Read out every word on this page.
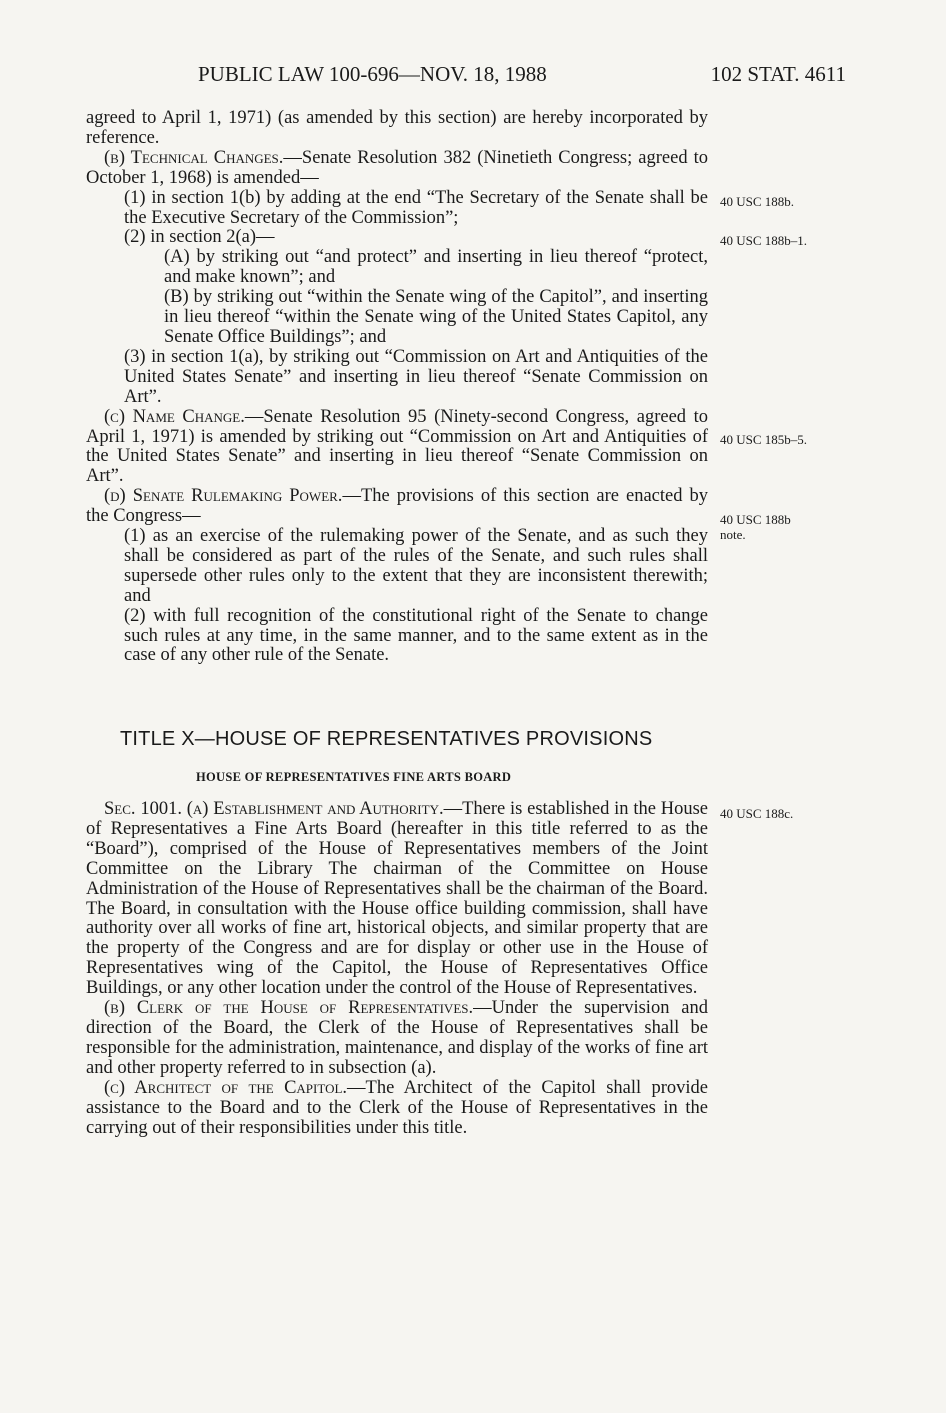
PUBLIC LAW 100-696—NOV. 18, 1988	102 STAT. 4611

agreed to April 1, 1971) (as amended by this section) are hereby incorporated by reference.

(b) Technical Changes.—Senate Resolution 382 (Ninetieth Congress; agreed to October 1, 1968) is amended—

(1) in section 1(b) by adding at the end “The Secretary of the Senate shall be the Executive Secretary of the Commission”;

(2) in section 2(a)—

(A) by striking out “and protect” and inserting in lieu thereof “protect, and make known”; and

(B) by striking out “within the Senate wing of the Capitol”, and inserting in lieu thereof “within the Senate wing of the United States Capitol, any Senate Office Buildings”; and

(3) in section 1(a), by striking out “Commission on Art and Antiquities of the United States Senate” and inserting in lieu thereof “Senate Commission on Art”.

(c) Name Change.—Senate Resolution 95 (Ninety-second Congress, agreed to April 1, 1971) is amended by striking out “Commission on Art and Antiquities of the United States Senate” and inserting in lieu thereof “Senate Commission on Art”.

(d) Senate Rulemaking Power.—The provisions of this section are enacted by the Congress—

(1) as an exercise of the rulemaking power of the Senate, and as such they shall be considered as part of the rules of the Senate, and such rules shall supersede other rules only to the extent that they are inconsistent therewith; and

(2) with full recognition of the constitutional right of the Senate to change such rules at any time, in the same manner, and to the same extent as in the case of any other rule of the Senate.

TITLE X—HOUSE OF REPRESENTATIVES PROVISIONS
HOUSE OF REPRESENTATIVES FINE ARTS BOARD

Sec. 1001. (a) Establishment and Authority.—There is established in the House of Representatives a Fine Arts Board (hereafter in this title referred to as the “Board”), comprised of the House of Representatives members of the Joint Committee on the Library The chairman of the Committee on House Administration of the House of Representatives shall be the chairman of the Board. The Board, in consultation with the House office building commission, shall have authority over all works of fine art, historical objects, and similar property that are the property of the Congress and are for display or other use in the House of Representatives wing of the Capitol, the House of Representatives Office Buildings, or any other location under the control of the House of Representatives.

(b) Clerk of the House of Representatives.—Under the supervision and direction of the Board, the Clerk of the House of Representatives shall be responsible for the administration, maintenance, and display of the works of fine art and other property referred to in subsection (a).

(c) Architect of the Capitol.—The Architect of the Capitol shall provide assistance to the Board and to the Clerk of the House of Representatives in the carrying out of their responsibilities under this title.

40 USC 188b.
40 USC 188b–1.
40 USC 185b–5.
40 USC 188b
note.
40 USC 188c.
